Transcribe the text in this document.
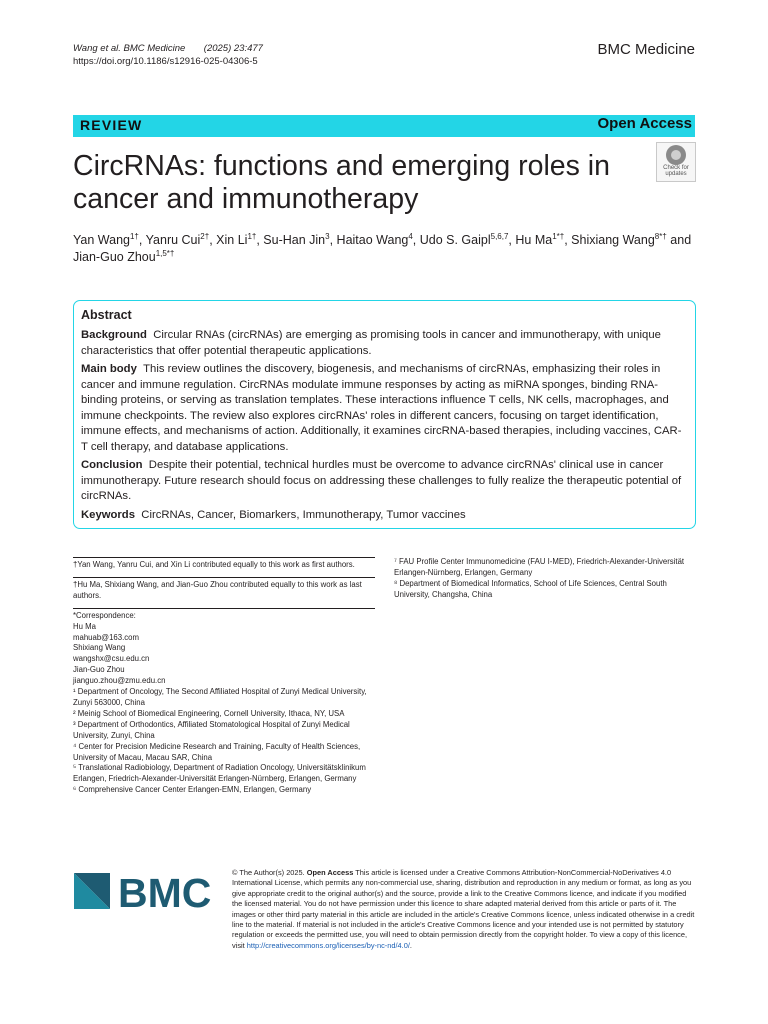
Wang et al. BMC Medicine (2025) 23:477
https://doi.org/10.1186/s12916-025-04306-5
BMC Medicine
REVIEW	Open Access
CircRNAs: functions and emerging roles in cancer and immunotherapy
Check for
updates
Yan Wang$^{1\dagger}$, Yanru Cui$^{2\dagger}$, Xin $Li^{1\dagger}$, Su-Han Jin$^3$, Haitao Wang$^4$, Udo S. Gaipl$^{5,6,7}$, Hu $Ma^{1*\dagger}$, Shixiang Wang$^{8*\dagger}$ and Jian-Guo Zhou$^{1,5*\dagger}$
Abstract

Background Circular RNAs (circRNAs) are emerging as promising tools in cancer and immunotherapy, with unique characteristics that offer potential therapeutic applications.

Main body This review outlines the discovery, biogenesis, and mechanisms of circRNAs, emphasizing their roles in cancer and immune regulation. CircRNAs modulate immune responses by acting as miRNA sponges, binding RNA-binding proteins, or serving as translation templates. These interactions influence T cells, NK cells, macrophages, and immune checkpoints. The review also explores circRNAs' roles in different cancers, focusing on target identification, immune effects, and mechanisms of action. Additionally, it examines circRNA-based therapies, including vaccines, CAR-T cell therapy, and database applications.

Conclusion Despite their potential, technical hurdles must be overcome to advance circRNAs' clinical use in cancer immunotherapy. Future research should focus on addressing these challenges to fully realize the therapeutic potential of circRNAs.

Keywords CircRNAs, Cancer, Biomarkers, Immunotherapy, Tumor vaccines

†Yan Wang, Yanru Cui, and Xin Li contributed equally to this work as first authors.

†Hu Ma, Shixiang Wang, and Jian-Guo Zhou contributed equally to this work as last authors.

*Correspondence:

Hu Ma

mahuab@163.com

Shixiang Wang

wangshx@csu.edu.cn

Jian-Guo Zhou

jianguo.zhou@zmu.edu.cn

¹ Department of Oncology, The Second Affiliated Hospital of Zunyi Medical University, Zunyi 563000, China

² Meinig School of Biomedical Engineering, Cornell University, Ithaca, NY, USA

³ Department of Orthodontics, Affiliated Stomatological Hospital of Zunyi Medical University, Zunyi, China

⁴ Center for Precision Medicine Research and Training, Faculty of Health Sciences, University of Macau, Macau SAR, China

⁵ Translational Radiobiology, Department of Radiation Oncology, Universitätsklinikum Erlangen, Friedrich-Alexander-Universität Erlangen-Nürnberg, Erlangen, Germany

⁶ Comprehensive Cancer Center Erlangen-EMN, Erlangen, Germany

⁷ FAU Profile Center Immunomedicine (FAU I-MED), Friedrich-Alexander-Universität Erlangen-Nürnberg, Erlangen, Germany

⁸ Department of Biomedical Informatics, School of Life Sciences, Central South University, Changsha, China

BMC	© The Author(s) 2025. Open Access This article is licensed under a Creative Commons Attribution-NonCommercial-NoDerivatives 4.0 International License, which permits any non-commercial use, sharing, distribution and reproduction in any medium or format, as long as you give appropriate credit to the original author(s) and the source, provide a link to the Creative Commons licence, and indicate if you modified the licensed material. You do not have permission under this licence to share adapted material derived from this article or parts of it. The images or other third party material in this article are included in the article's Creative Commons licence, unless indicated otherwise in a credit line to the material. If material is not included in the article's Creative Commons licence and your intended use is not permitted by statutory regulation or exceeds the permitted use, you will need to obtain permission directly from the copyright holder. To view a copy of this licence, visit http://creativecommons.org/licenses/by-nc-nd/4.0/.
